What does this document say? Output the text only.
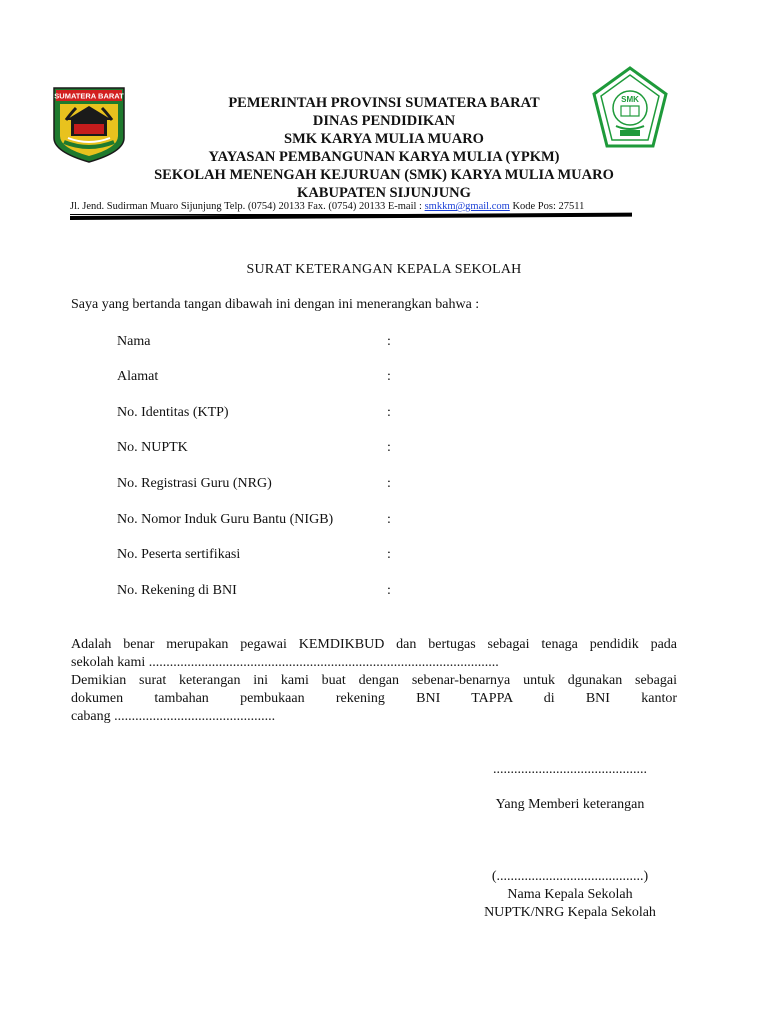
SUMATERA BARAT	SMK
PEMERINTAH PROVINSI SUMATERA BARAT
DINAS PENDIDIKAN
SMK KARYA MULIA MUARO
YAYASAN PEMBANGUNAN KARYA MULIA (YPKM)
SEKOLAH MENENGAH KEJURUAN (SMK) KARYA MULIA MUARO
KABUPATEN SIJUNJUNG
Jl. Jend. Sudirman Muaro Sijunjung Telp. (0754) 20133 Fax. (0754) 20133 E-mail : smkkm@gmail.com Kode Pos: 27511
SURAT KETERANGAN KEPALA SEKOLAH
Saya yang bertanda tangan dibawah ini dengan ini menerangkan bahwa :
Nama	:
Alamat	:
No. Identitas (KTP)	:
No. NUPTK	:
No. Registrasi Guru (NRG)	:
No. Nomor Induk Guru Bantu (NIGB)	:
No. Peserta sertifikasi	:
No. Rekening di BNI	:
Adalah benar merupakan pegawai KEMDIKBUD dan bertugas sebagai tenaga pendidik pada
sekolah kami ....................................................................................................
Demikian surat keterangan ini kami buat dengan sebenar-benarnya untuk dgunakan sebagai
dokumen tambahan pembukaan rekening BNI TAPPA di BNI kantor
cabang ..............................................
............................................
Yang Memberi keterangan
(..........................................)
Nama Kepala Sekolah
NUPTK/NRG Kepala Sekolah
